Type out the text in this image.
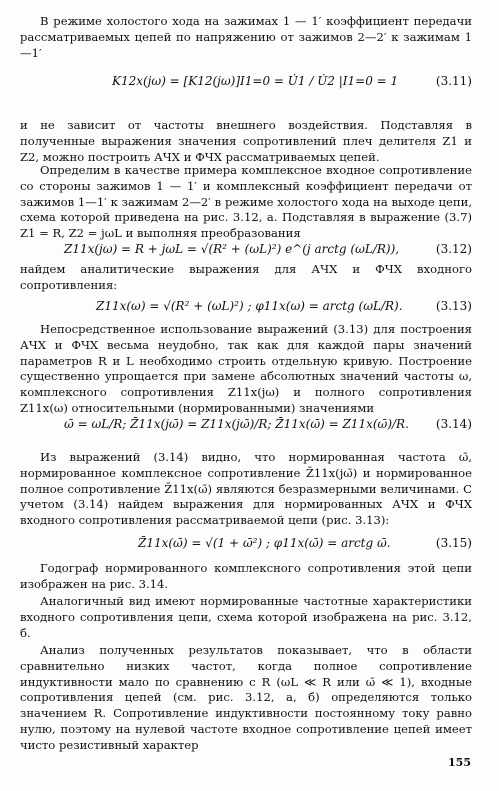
В режиме холостого хода на зажимах 1 — 1′ коэффициент передачи рассматриваемых цепей по напряжению от зажимов 2—2′ к зажимам 1—1′

K12x(jω) = [K12(jω)]I1=0 = U̇1 / U̇2 |I1=0 = 1	(3.11)

и не зависит от частоты внешнего воздействия. Подставляя в полученные выражения значения сопротивлений плеч делителя Z1 и Z2, можно построить АЧХ и ФЧХ рассматриваемых цепей.

Определим в качестве примера комплексное входное сопротивление со стороны зажимов 1 — 1′ и комплексный коэффициент передачи от зажимов 1—1′ к зажимам 2—2′ в режиме холостого хода на выходе цепи, схема которой приведена на рис. 3.12, а. Подставляя в выражение (3.7) Z1 = R, Z2 = jωL и выполняя преобразования

Z11x(jω) = R + jωL = √(R² + (ωL)²) e^(j arctg (ωL/R)),	(3.12)

найдем аналитические выражения для АЧХ и ФЧХ входного сопротивления:

Z11x(ω) = √(R² + (ωL)²) ; φ11x(ω) = arctg (ωL/R).	(3.13)

Непосредственное использование выражений (3.13) для построения АЧХ и ФЧХ весьма неудобно, так как для каждой пары значений параметров R и L необходимо строить отдельную кривую. Построение существенно упрощается при замене абсолютных значений частоты ω, комплексного сопротивления Z11x(jω) и полного сопротивления Z11x(ω) относительными (нормированными) значениями

ω̄ = ωL/R; Z̄11x(jω̄) = Z11x(jω̄)/R; Z̄11x(ω̄) = Z11x(ω̄)/R. (3.14)

Из выражений (3.14) видно, что нормированная частота ω̄, нормированное комплексное сопротивление Z̄11x(jω̄) и нормированное полное сопротивление Z̄11x(ω̄) являются безразмерными величинами. С учетом (3.14) найдем выражения для нормированных АЧХ и ФЧХ входного сопротивления рассматриваемой цепи (рис. 3.13):

Z̄11x(ω̄) = √(1 + ω̄²) ; φ11x(ω̄) = arctg ω̄.	(3.15)

Годограф нормированного комплексного сопротивления этой цепи изображен на рис. 3.14.

Аналогичный вид имеют нормированные частотные характеристики входного сопротивления цепи, схема которой изображена на рис. 3.12, б.

Анализ полученных результатов показывает, что в области сравнительно низких частот, когда полное сопротивление индуктивности мало по сравнению с R (ωL ≪ R или ω̄ ≪ 1), входные сопротивления цепей (см. рис. 3.12, а, б) определяются только значением R. Сопротивление индуктивности постоянному току равно нулю, поэтому на нулевой частоте входное сопротивление цепей имеет чисто резистивный характер

155
